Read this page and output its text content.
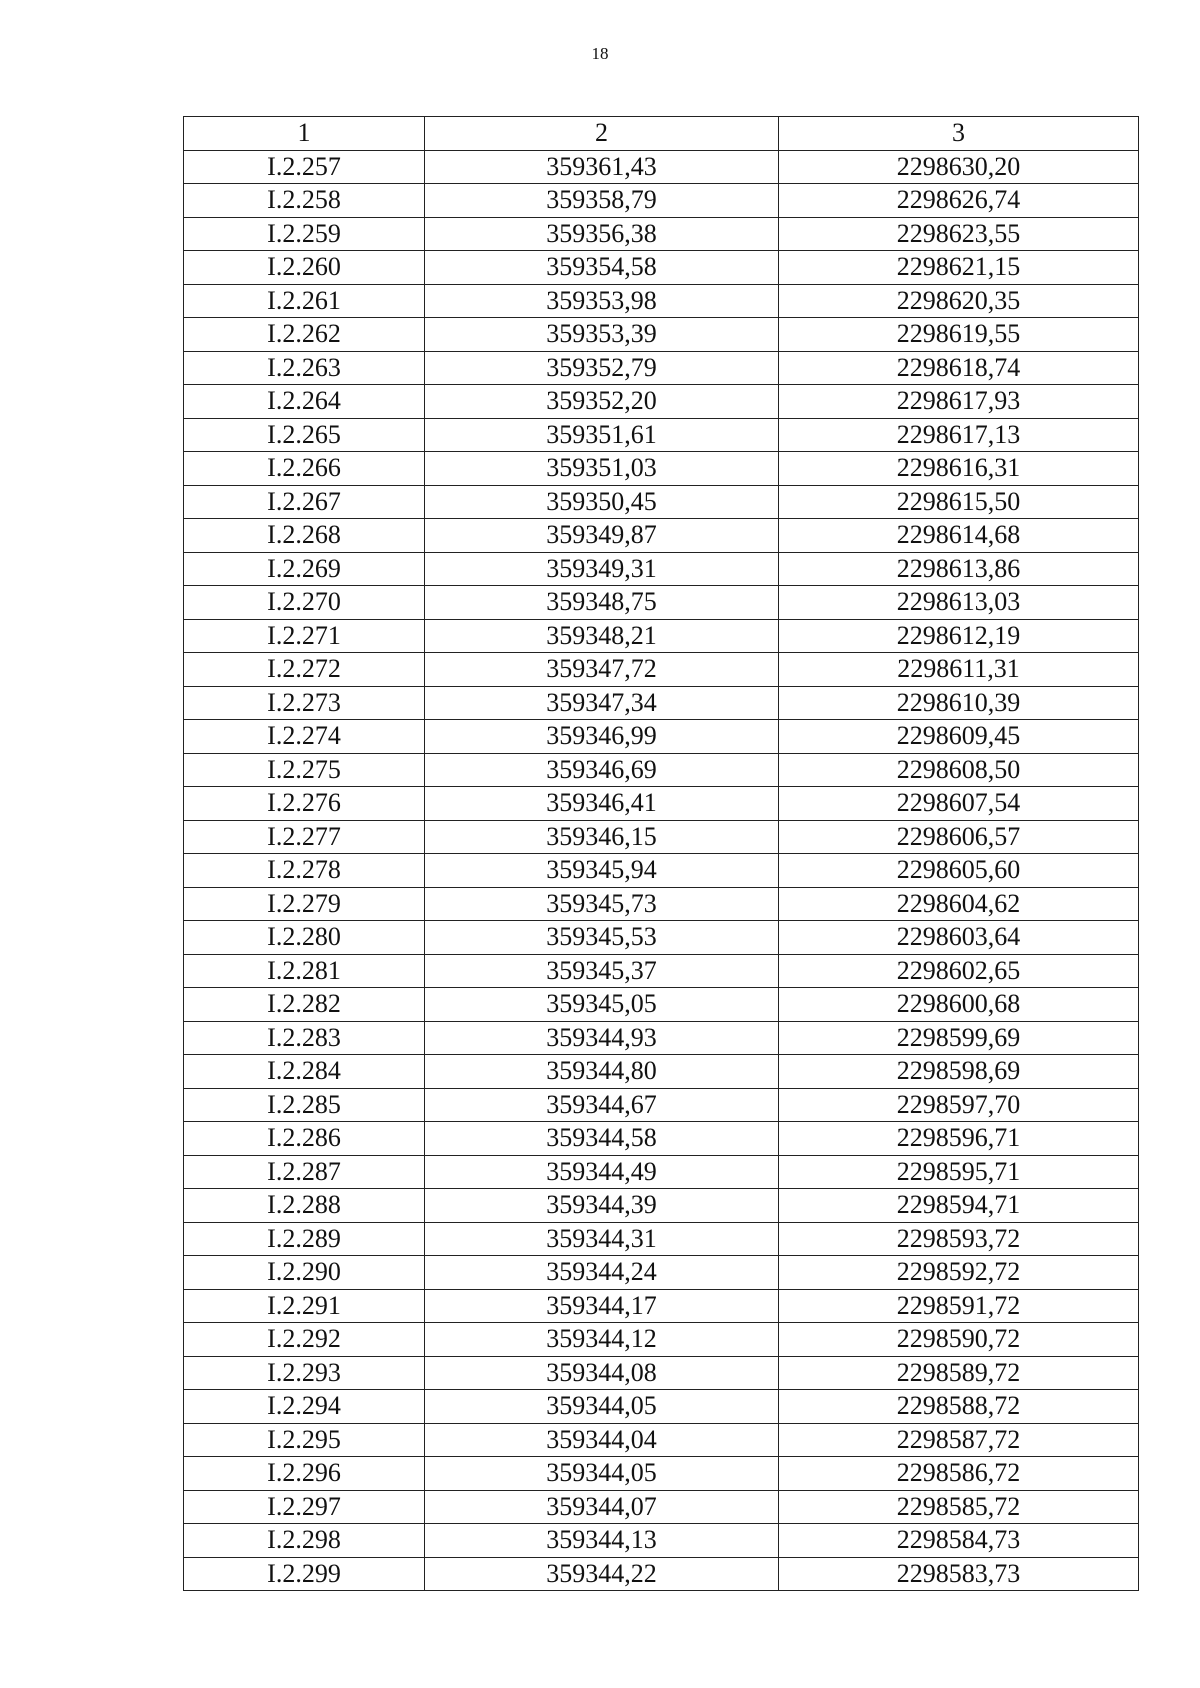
18
1	2	3
I.2.257	359361,43	2298630,20
I.2.258	359358,79	2298626,74
I.2.259	359356,38	2298623,55
I.2.260	359354,58	2298621,15
I.2.261	359353,98	2298620,35
I.2.262	359353,39	2298619,55
I.2.263	359352,79	2298618,74
I.2.264	359352,20	2298617,93
I.2.265	359351,61	2298617,13
I.2.266	359351,03	2298616,31
I.2.267	359350,45	2298615,50
I.2.268	359349,87	2298614,68
I.2.269	359349,31	2298613,86
I.2.270	359348,75	2298613,03
I.2.271	359348,21	2298612,19
I.2.272	359347,72	2298611,31
I.2.273	359347,34	2298610,39
I.2.274	359346,99	2298609,45
I.2.275	359346,69	2298608,50
I.2.276	359346,41	2298607,54
I.2.277	359346,15	2298606,57
I.2.278	359345,94	2298605,60
I.2.279	359345,73	2298604,62
I.2.280	359345,53	2298603,64
I.2.281	359345,37	2298602,65
I.2.282	359345,05	2298600,68
I.2.283	359344,93	2298599,69
I.2.284	359344,80	2298598,69
I.2.285	359344,67	2298597,70
I.2.286	359344,58	2298596,71
I.2.287	359344,49	2298595,71
I.2.288	359344,39	2298594,71
I.2.289	359344,31	2298593,72
I.2.290	359344,24	2298592,72
I.2.291	359344,17	2298591,72
I.2.292	359344,12	2298590,72
I.2.293	359344,08	2298589,72
I.2.294	359344,05	2298588,72
I.2.295	359344,04	2298587,72
I.2.296	359344,05	2298586,72
I.2.297	359344,07	2298585,72
I.2.298	359344,13	2298584,73
I.2.299	359344,22	2298583,73
